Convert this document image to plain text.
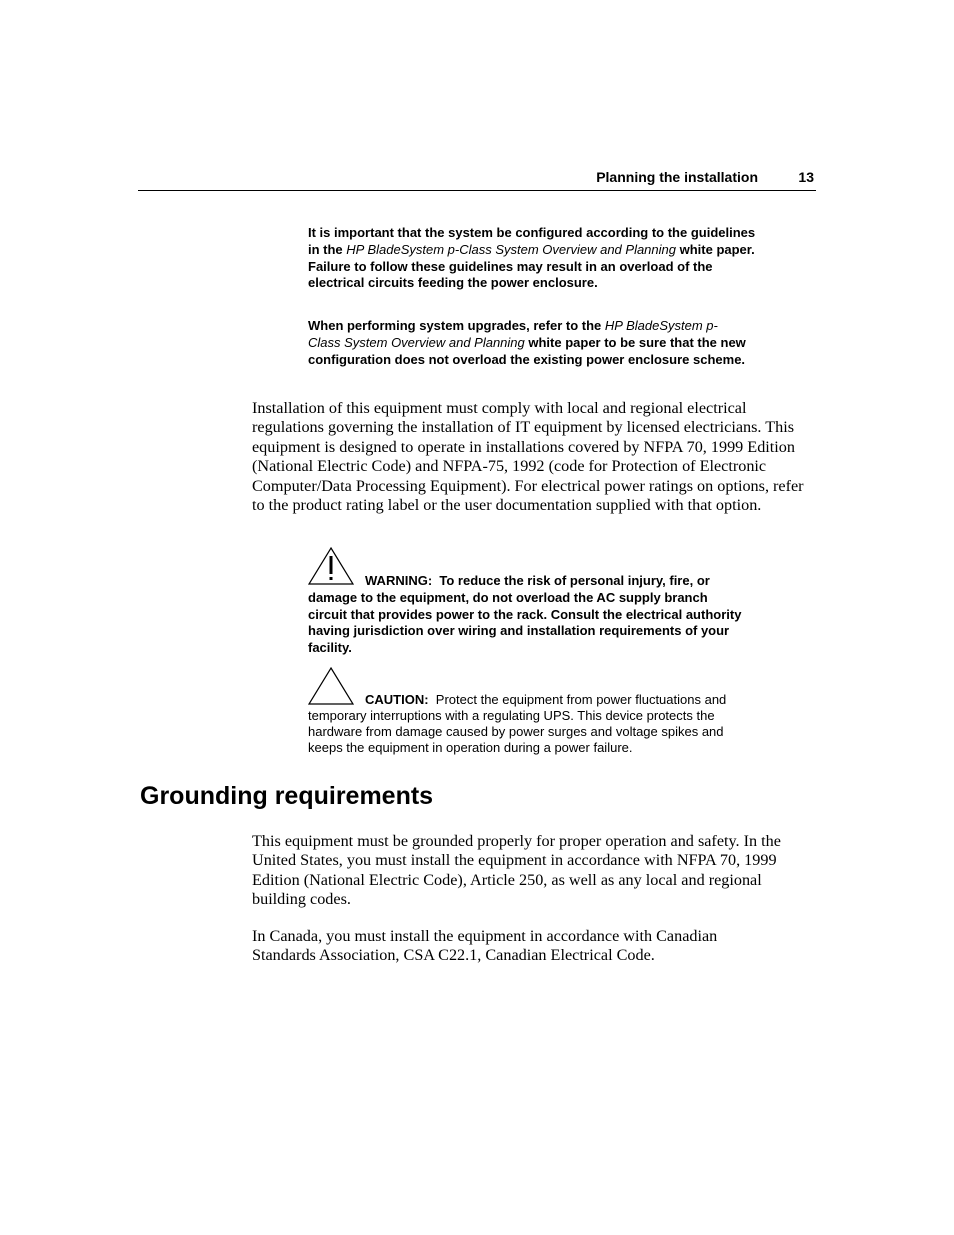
Planning the installation	13
It is important that the system be configured according to the guidelines in the HP BladeSystem p-Class System Overview and Planning white paper. Failure to follow these guidelines may result in an overload of the electrical circuits feeding the power enclosure.
When performing system upgrades, refer to the HP BladeSystem p-Class System Overview and Planning white paper to be sure that the new configuration does not overload the existing power enclosure scheme.

Installation of this equipment must comply with local and regional electrical regulations governing the installation of IT equipment by licensed electricians. This equipment is designed to operate in installations covered by NFPA 70, 1999 Edition (National Electric Code) and NFPA-75, 1992 (code for Protection of Electronic Computer/Data Processing Equipment). For electrical power ratings on options, refer to the product rating label or the user documentation supplied with that option.

WARNING: To reduce the risk of personal injury, fire, or damage to the equipment, do not overload the AC supply branch circuit that provides power to the rack. Consult the electrical authority having jurisdiction over wiring and installation requirements of your facility.
CAUTION: Protect the equipment from power fluctuations and temporary interruptions with a regulating UPS. This device protects the hardware from damage caused by power surges and voltage spikes and keeps the equipment in operation during a power failure.
Grounding requirements

This equipment must be grounded properly for proper operation and safety. In the United States, you must install the equipment in accordance with NFPA 70, 1999 Edition (National Electric Code), Article 250, as well as any local and regional building codes.

In Canada, you must install the equipment in accordance with Canadian Standards Association, CSA C22.1, Canadian Electrical Code.
